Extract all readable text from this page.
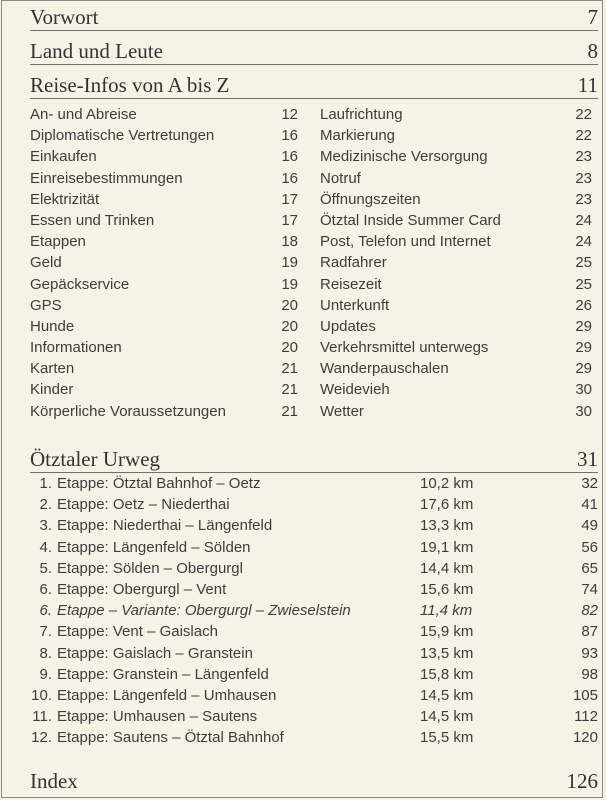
Vorwort	7
Land und Leute	8
Reise-Infos von A bis Z	11
An- und Abreise	12
Diplomatische Vertretungen	16
Einkaufen	16
Einreisebestimmungen	16
Elektrizität	17
Essen und Trinken	17
Etappen	18
Geld	19
Gepäckservice	19
GPS	20
Hunde	20
Informationen	20
Karten	21
Kinder	21
Körperliche Voraussetzungen	21
Laufrichtung	22
Markierung	22
Medizinische Versorgung	23
Notruf	23
Öffnungszeiten	23
Ötztal Inside Summer Card	24
Post, Telefon und Internet	24
Radfahrer	25
Reisezeit	25
Unterkunft	26
Updates	29
Verkehrsmittel unterwegs	29
Wanderpauschalen	29
Weidevieh	30
Wetter	30
Ötztaler Urweg	31
1. Etappe: Ötztal Bahnhof – Oetz	10,2 km	32
2. Etappe: Oetz – Niederthai	17,6 km	41
3. Etappe: Niederthai – Längenfeld	13,3 km	49
4. Etappe: Längenfeld – Sölden	19,1 km	56
5. Etappe: Sölden – Obergurgl	14,4 km	65
6. Etappe: Obergurgl – Vent	15,6 km	74
6. Etappe – Variante: Obergurgl – Zwieselstein	11,4 km	82
7. Etappe: Vent – Gaislach	15,9 km	87
8. Etappe: Gaislach – Granstein	13,5 km	93
9. Etappe: Granstein – Längenfeld	15,8 km	98
10. Etappe: Längenfeld – Umhausen	14,5 km	105
11. Etappe: Umhausen – Sautens	14,5 km	112
12. Etappe: Sautens – Ötztal Bahnhof	15,5 km	120
Index	126
